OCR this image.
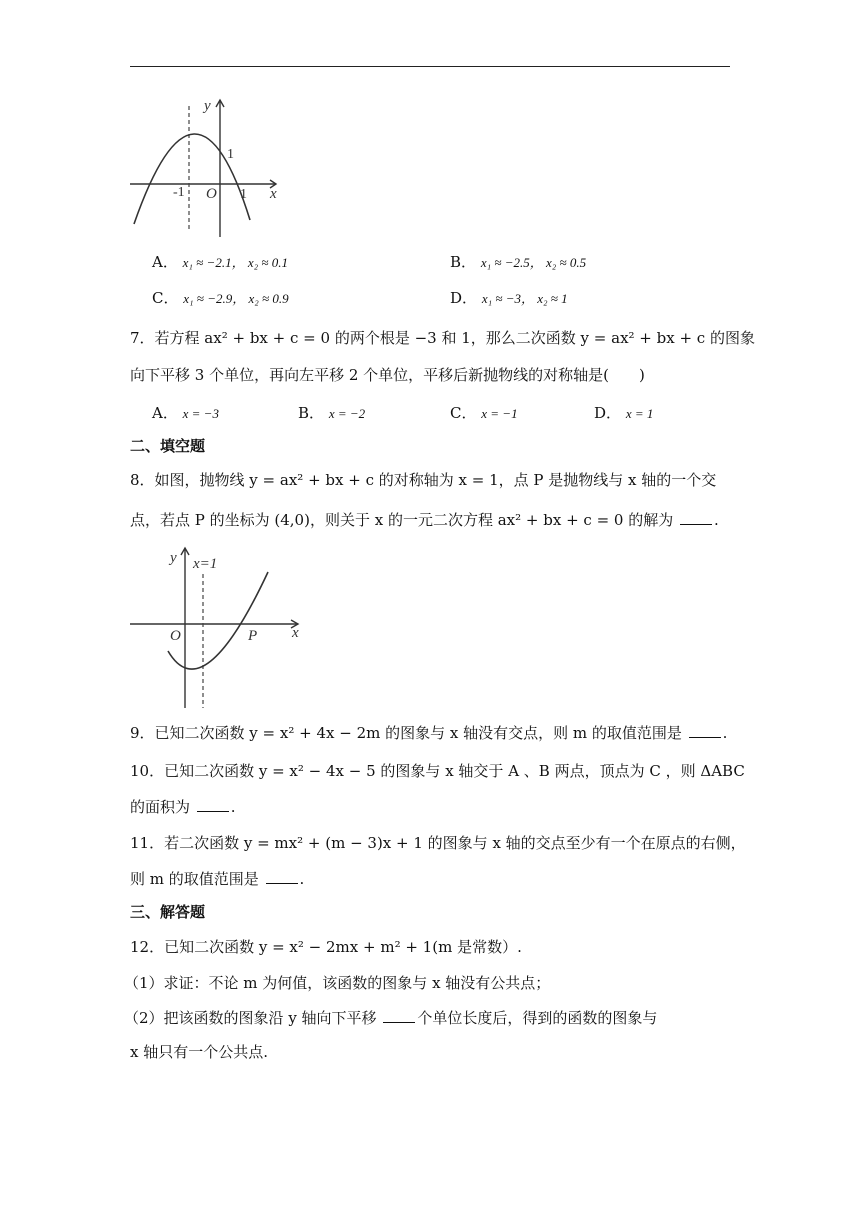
y
1
-1 O 1 x
A． x₁ ≈ −2.1， x₂ ≈ 0.1	B． x₁ ≈ −2.5， x₂ ≈ 0.5
C． x₁ ≈ −2.9， x₂ ≈ 0.9	D． x₁ ≈ −3， x₂ ≈ 1
7．若方程 ax² + bx + c = 0 的两个根是 −3 和 1，那么二次函数 y = ax² + bx + c 的图象
向下平移 3 个单位，再向左平移 2 个单位，平移后新抛物线的对称轴是(　　)
A． x = −3	B． x = −2	C． x = −1	D． x = 1
二、填空题
8．如图，抛物线 y = ax² + bx + c 的对称轴为 x = 1，点 P 是抛物线与 x 轴的一个交
点，若点 P 的坐标为 (4,0)，则关于 x 的一元二次方程 ax² + bx + c = 0 的解为	.
y x=1
O	P x
9．已知二次函数 y = x² + 4x − 2m 的图象与 x 轴没有交点，则 m 的取值范围是	.
10．已知二次函数 y = x² − 4x − 5 的图象与 x 轴交于 A 、B 两点，顶点为 C ，则 ΔABC
的面积为	.
11．若二次函数 y = mx² + (m − 3)x + 1 的图象与 x 轴的交点至少有一个在原点的右侧，
则 m 的取值范围是	.
三、解答题
12．已知二次函数 y = x² − 2mx + m² + 1(m 是常数）.
（1）求证：不论 m 为何值，该函数的图象与 x 轴没有公共点；
（2）把该函数的图象沿 y 轴向下平移	个单位长度后，得到的函数的图象与
x 轴只有一个公共点.
